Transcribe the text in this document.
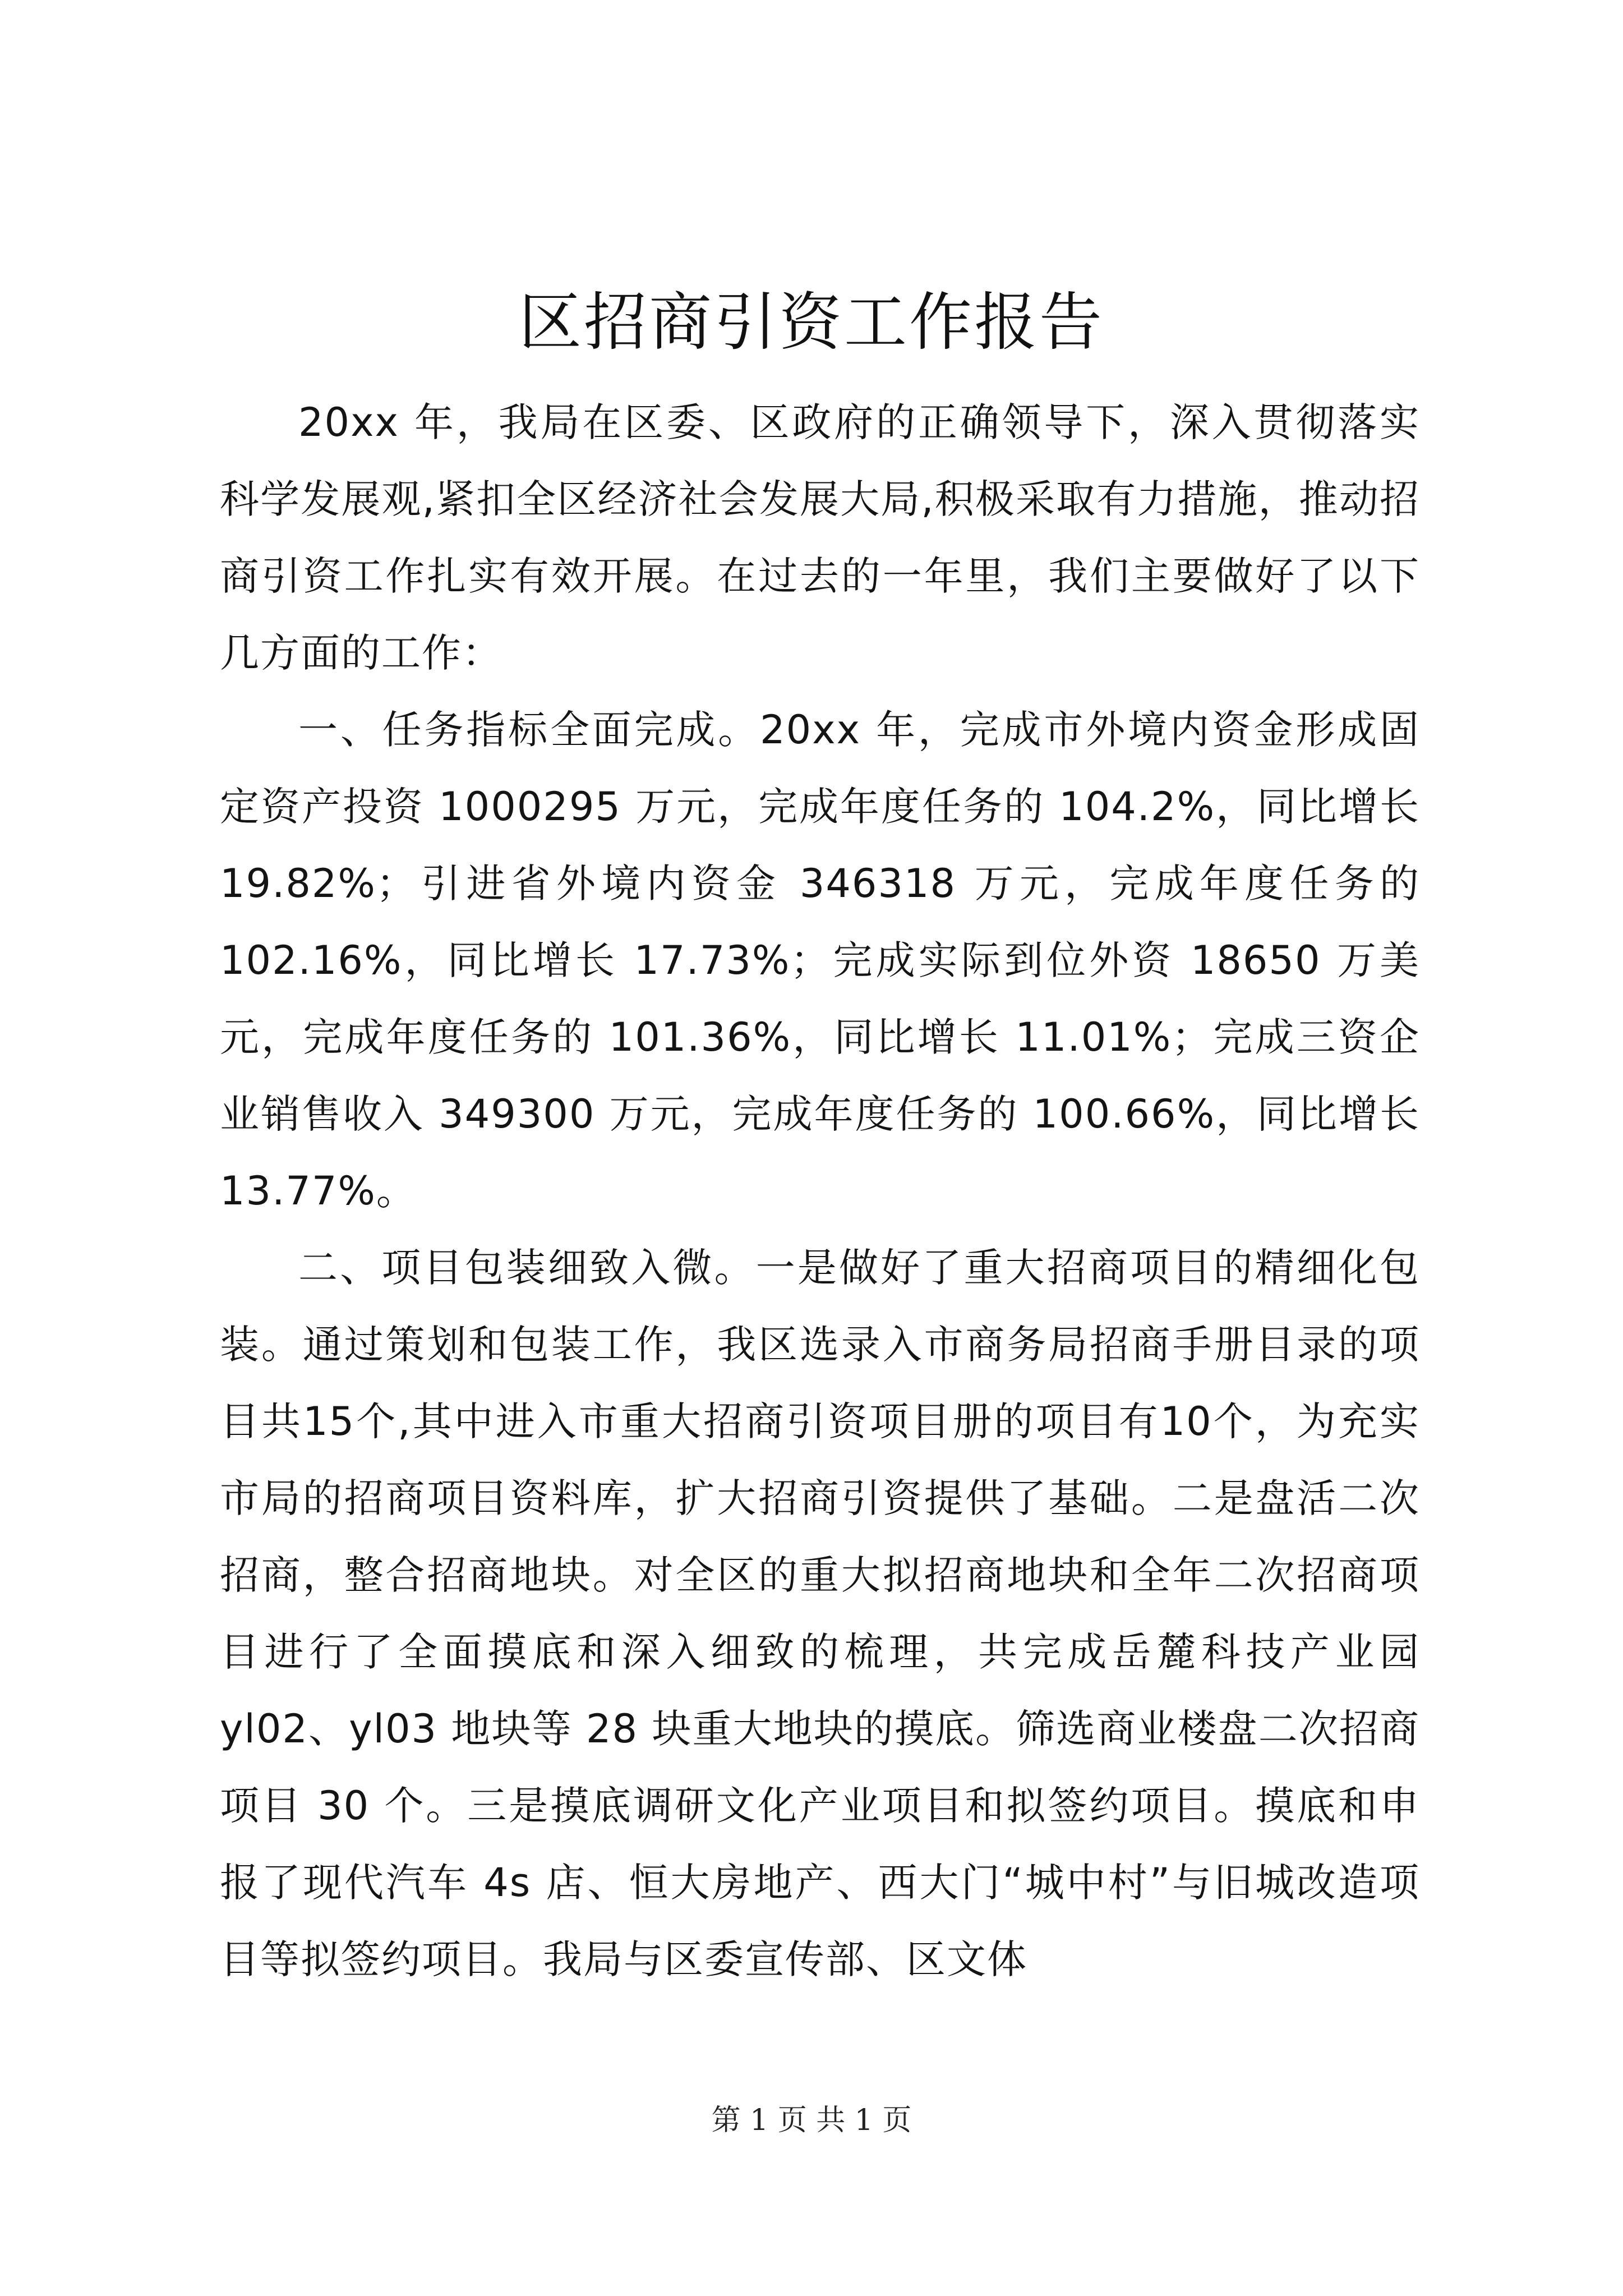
区招商引资工作报告

20xx 年，我局在区委、区政府的正确领导下，深入贯彻落实科学发展观,紧扣全区经济社会发展大局,积极采取有力措施，推动招商引资工作扎实有效开展。在过去的一年里，我们主要做好了以下几方面的工作：

一、任务指标全面完成。20xx 年，完成市外境内资金形成固定资产投资 1000295 万元，完成年度任务的 104.2%，同比增长 19.82%；引进省外境内资金 346318 万元，完成年度任务的 102.16%，同比增长 17.73%；完成实际到位外资 18650 万美元，完成年度任务的 101.36%，同比增长 11.01%；完成三资企业销售收入 349300 万元，完成年度任务的 100.66%，同比增长 13.77%。

二、项目包装细致入微。一是做好了重大招商项目的精细化包装。通过策划和包装工作，我区选录入市商务局招商手册目录的项目共15个,其中进入市重大招商引资项目册的项目有10个，为充实市局的招商项目资料库，扩大招商引资提供了基础。二是盘活二次招商，整合招商地块。对全区的重大拟招商地块和全年二次招商项目进行了全面摸底和深入细致的梳理，共完成岳麓科技产业园 yl02、yl03 地块等 28 块重大地块的摸底。筛选商业楼盘二次招商项目 30 个。三是摸底调研文化产业项目和拟签约项目。摸底和申报了现代汽车 4s 店、恒大房地产、西大门“城中村”与旧城改造项目等拟签约项目。我局与区委宣传部、区文体

第 1 页 共 1 页
